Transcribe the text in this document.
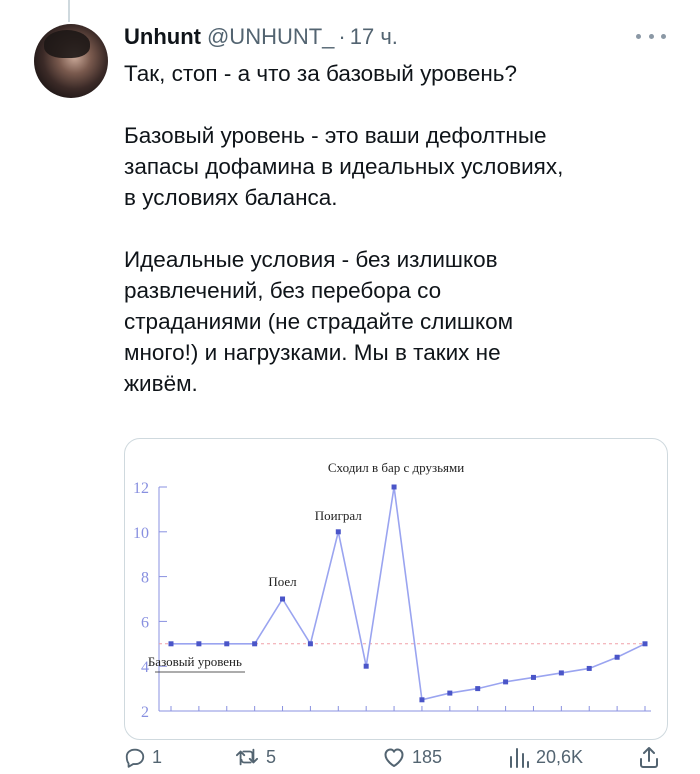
Unhunt @UNHUNT_ · 17 ч.

Так, стоп - а что за базовый уровень?

Базовый уровень - это ваши дефолтные

запасы дофамина в идеальных условиях,

в условиях баланса.

Идеальные условия - без излишков

развлечений, без перебора со

страданиями (не страдайте слишком

много!) и нагрузками. Мы в таких не

живём.

12
10
8
6
4
2
Поел
Поиграл
Сходил в бар с друзьями
Базовый уровень
1	5	185	20,6K
